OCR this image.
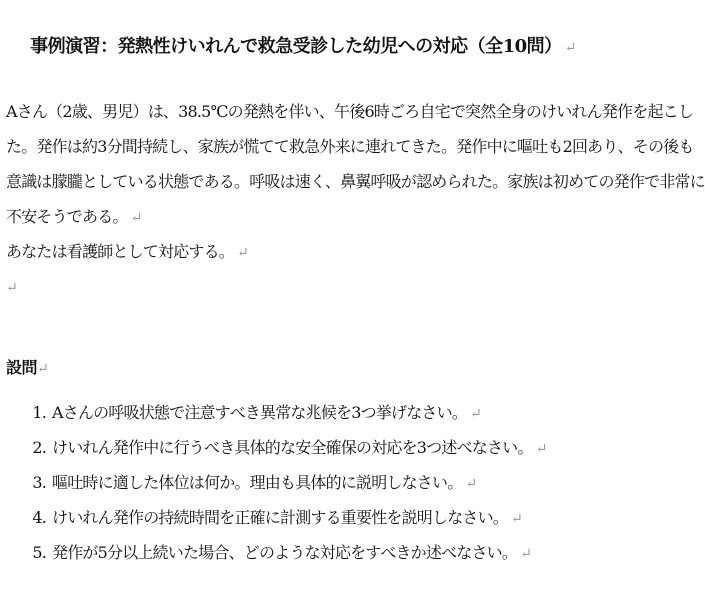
事例演習：発熱性けいれんで救急受診した幼児への対応（全10問） ↵
Aさん（2歳、男児）は、38.5℃の発熱を伴い、午後6時ごろ自宅で突然全身のけいれん発作を起こし
た。発作は約3分間持続し、家族が慌てて救急外来に連れてきた。発作中に嘔吐も2回あり、その後も
意識は朦朧としている状態である。呼吸は速く、鼻翼呼吸が認められた。家族は初めての発作で非常に
不安そうである。 ↵
あなたは看護師として対応する。 ↵
↵
設問↵
1. Aさんの呼吸状態で注意すべき異常な兆候を3つ挙げなさい。 ↵
2. けいれん発作中に行うべき具体的な安全確保の対応を3つ述べなさい。 ↵
3. 嘔吐時に適した体位は何か。理由も具体的に説明しなさい。 ↵
4. けいれん発作の持続時間を正確に計測する重要性を説明しなさい。 ↵
5. 発作が5分以上続いた場合、どのような対応をすべきか述べなさい。 ↵
